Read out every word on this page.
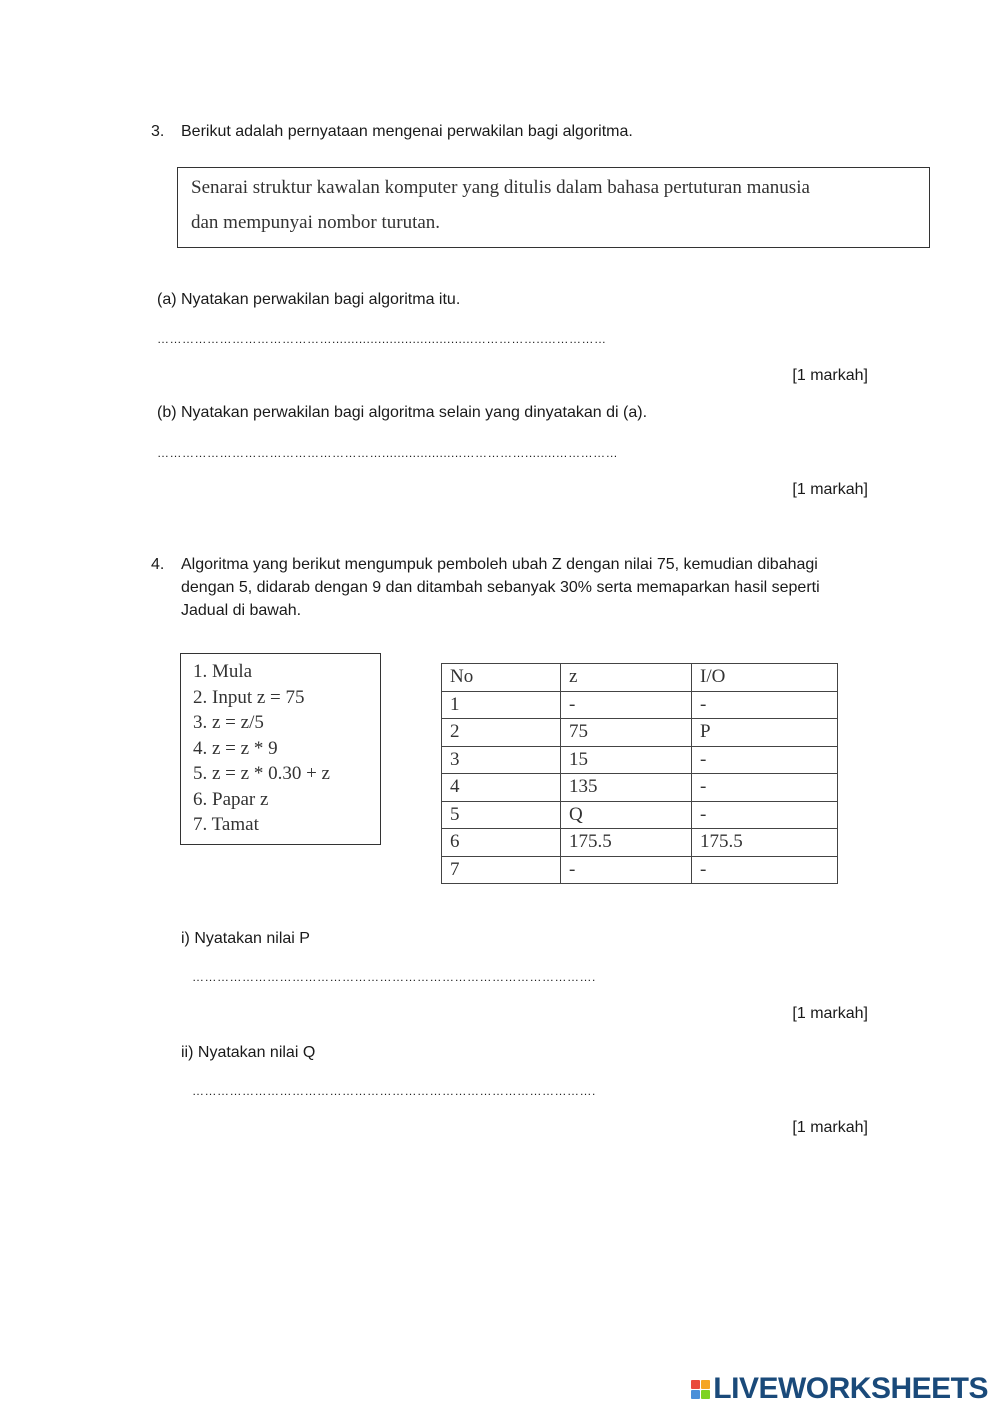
3. Berikut adalah pernyataan mengenai perwakilan bagi algoritma.
Senarai struktur kawalan komputer yang ditulis dalam bahasa pertuturan manusia
dan mempunyai nombor turutan.
(a) Nyatakan perwakilan bagi algoritma itu.
…………………………………….....................................……………..……………
[1 markah]
(b) Nyatakan perwakilan bagi algoritma selain yang dinyatakan di (a).
……………………………………………….....................……………........……………
[1 markah]
4. Algoritma yang berikut mengumpuk pemboleh ubah Z dengan nilai 75, kemudian dibahagi
dengan 5, didarab dengan 9 dan ditambah sebanyak 30% serta memaparkan hasil seperti
Jadual di bawah.
1. Mula
2. Input z = 75
3. z = z/5
4. z = z * 9
5. z = z * 0.30 + z
6. Papar z
7. Tamat
No	z	I/O
1	-	-
2	75	P
3	15	-
4	135	-
5	Q	-
6	175.5	175.5
7	-	-
i) Nyatakan nilai P
…………………………………………………………………………………….
[1 markah]
ii) Nyatakan nilai Q
…………………………………………………………………………………….
[1 markah]
LIVEWORKSHEETS
